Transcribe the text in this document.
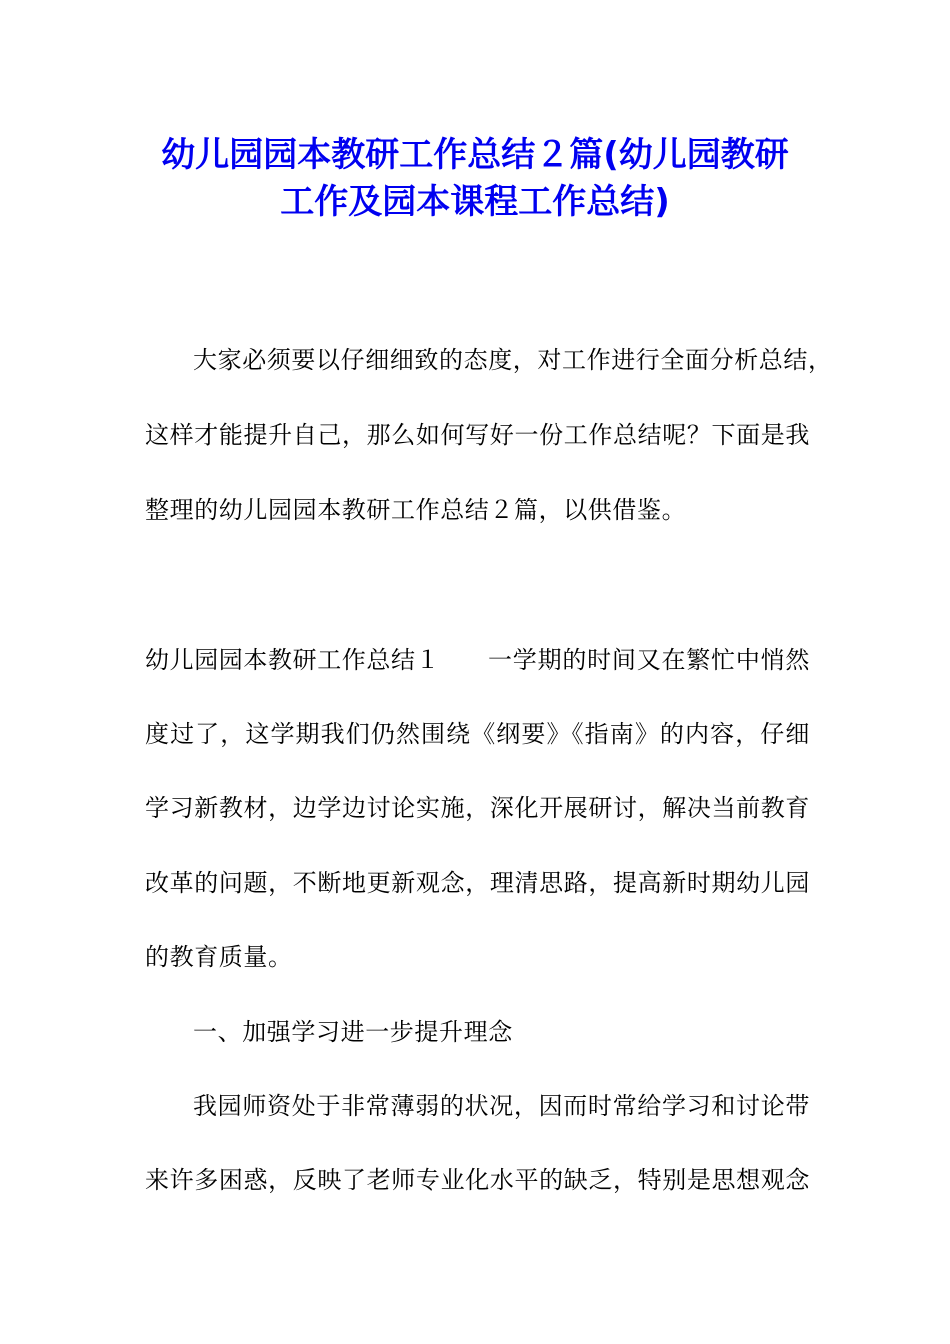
幼儿园园本教研工作总结２篇(幼儿园教研
工作及园本课程工作总结)

大家必须要以仔细细致的态度，对工作进行全面分析总结，

这样才能提升自己，那么如何写好一份工作总结呢？下面是我

整理的幼儿园园本教研工作总结２篇，以供借鉴。

幼儿园园本教研工作总结１ 一学期的时间又在繁忙中悄然

度过了，这学期我们仍然围绕《纲要》《指南》的内容，仔细

学习新教材，边学边讨论实施，深化开展研讨，解决当前教育

改革的问题，不断地更新观念，理清思路，提高新时期幼儿园

的教育质量。

一、加强学习进一步提升理念

我园师资处于非常薄弱的状况，因而时常给学习和讨论带

来许多困惑，反映了老师专业化水平的缺乏，特别是思想观念
